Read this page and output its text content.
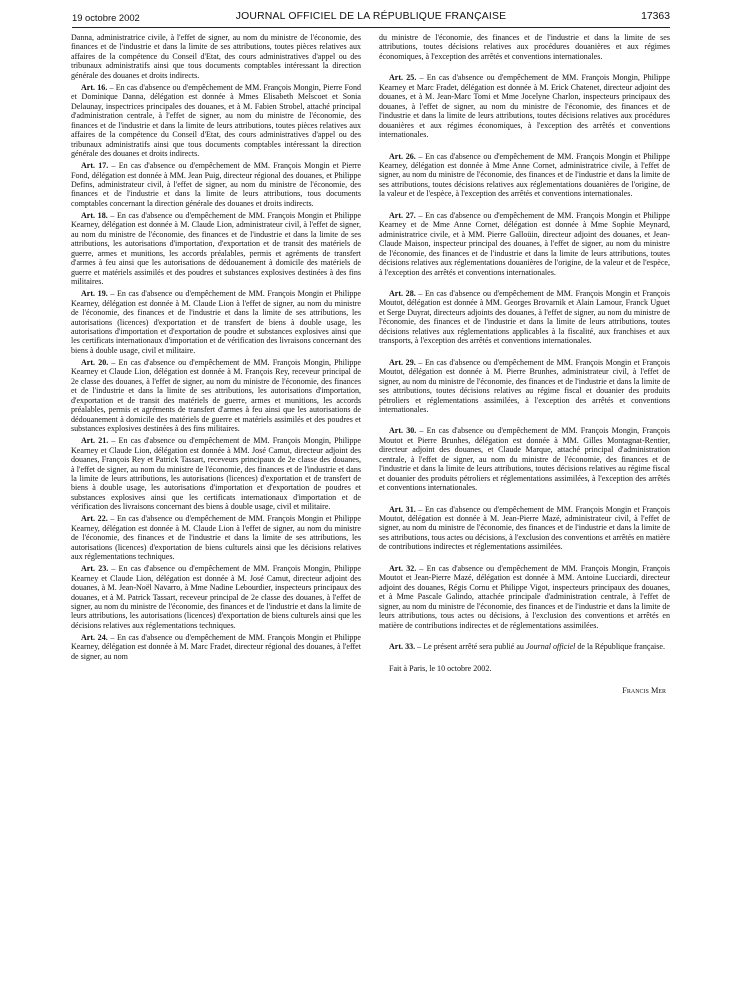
19 octobre 2002	JOURNAL OFFICIEL DE LA RÉPUBLIQUE FRANÇAISE	17363

Danna, administratrice civile, à l'effet de signer, au nom du ministre de l'économie, des finances et de l'industrie et dans la limite de ses attributions, toutes pièces relatives aux affaires de la compétence du Conseil d'Etat, des cours administratives d'appel ou des tribunaux administratifs ainsi que tous documents comptables intéressant la direction générale des douanes et droits indirects.

Art. 16. – En cas d'absence ou d'empêchement de MM. François Mongin, Pierre Fond et Dominique Danna, délégation est donnée à Mmes Elisabeth Melscoet et Sonia Delaunay, inspectrices principales des douanes, et à M. Fabien Strobel, attaché principal d'administration centrale, à l'effet de signer, au nom du ministre de l'économie, des finances et de l'industrie et dans la limite de leurs attributions, toutes pièces relatives aux affaires de la compétence du Conseil d'Etat, des cours administratives d'appel ou des tribunaux administratifs ainsi que tous documents comptables intéressant la direction générale des douanes et droits indirects.

Art. 17. – En cas d'absence ou d'empêchement de MM. François Mongin et Pierre Fond, délégation est donnée à MM. Jean Puig, directeur régional des douanes, et Philippe Defins, administrateur civil, à l'effet de signer, au nom du ministre de l'économie, des finances et de l'industrie et dans la limite de leurs attributions, tous documents comptables concernant la direction générale des douanes et droits indirects.

Art. 18. – En cas d'absence ou d'empêchement de MM. François Mongin et Philippe Kearney, délégation est donnée à M. Claude Lion, administrateur civil, à l'effet de signer, au nom du ministre de l'économie, des finances et de l'industrie et dans la limite de ses attributions, les autorisations d'importation, d'exportation et de transit des matériels de guerre, armes et munitions, les accords préalables, permis et agréments de transfert d'armes à feu ainsi que les autorisations de dédouanement à domicile des matériels de guerre et matériels assimilés et des poudres et substances explosives destinées à des fins militaires.

Art. 19. – En cas d'absence ou d'empêchement de MM. François Mongin et Philippe Kearney, délégation est donnée à M. Claude Lion à l'effet de signer, au nom du ministre de l'économie, des finances et de l'industrie et dans la limite de ses attributions, les autorisations (licences) d'exportation et de transfert de biens à double usage, les autorisations d'importation et d'exportation de poudre et substances explosives ainsi que les certificats internationaux d'importation et de vérification des livraisons concernant des biens à double usage, civil et militaire.

Art. 20. – En cas d'absence ou d'empêchement de MM. François Mongin, Philippe Kearney et Claude Lion, délégation est donnée à M. François Rey, receveur principal de 2e classe des douanes, à l'effet de signer, au nom du ministre de l'économie, des finances et de l'industrie et dans la limite de ses attributions, les autorisations d'importation, d'exportation et de transit des matériels de guerre, armes et munitions, les accords préalables, permis et agréments de transfert d'armes à feu ainsi que les autorisations de dédouanement à domicile des matériels de guerre et matériels assimilés et des poudres et substances explosives destinées à des fins militaires.

Art. 21. – En cas d'absence ou d'empêchement de MM. François Mongin, Philippe Kearney et Claude Lion, délégation est donnée à MM. José Camut, directeur adjoint des douanes, François Rey et Patrick Tassart, receveurs principaux de 2e classe des douanes, à l'effet de signer, au nom du ministre de l'économie, des finances et de l'industrie et dans la limite de leurs attributions, les autorisations (licences) d'exportation et de transfert de biens à double usage, les autorisations d'importation et d'exportation de poudres et substances explosives ainsi que les certificats internationaux d'importation et de vérification des livraisons concernant des biens à double usage, civil et militaire.

Art. 22. – En cas d'absence ou d'empêchement de MM. François Mongin et Philippe Kearney, délégation est donnée à M. Claude Lion à l'effet de signer, au nom du ministre de l'économie, des finances et de l'industrie et dans la limite de ses attributions, les autorisations (licences) d'exportation de biens culturels ainsi que les décisions relatives aux réglementations techniques.

Art. 23. – En cas d'absence ou d'empêchement de MM. François Mongin, Philippe Kearney et Claude Lion, délégation est donnée à M. José Camut, directeur adjoint des douanes, à M. Jean-Noël Navarro, à Mme Nadine Lebourdier, inspecteurs principaux des douanes, et à M. Patrick Tassart, receveur principal de 2e classe des douanes, à l'effet de signer, au nom du ministre de l'économie, des finances et de l'industrie et dans la limite de leurs attributions, les autorisations (licences) d'exportation de biens culturels ainsi que les décisions relatives aux réglementations techniques.

Art. 24. – En cas d'absence ou d'empêchement de MM. François Mongin et Philippe Kearney, délégation est donnée à M. Marc Fradet, directeur régional des douanes, à l'effet de signer, au nom

du ministre de l'économie, des finances et de l'industrie et dans la limite de ses attributions, toutes décisions relatives aux procédures douanières et aux régimes économiques, à l'exception des arrêtés et conventions internationales.

Art. 25. – En cas d'absence ou d'empêchement de MM. François Mongin, Philippe Kearney et Marc Fradet, délégation est donnée à M. Erick Chatenet, directeur adjoint des douanes, et à M. Jean-Marc Tomi et Mme Jocelyne Charlon, inspecteurs principaux des douanes, à l'effet de signer, au nom du ministre de l'économie, des finances et de l'industrie et dans la limite de leurs attributions, toutes décisions relatives aux procédures douanières et aux régimes économiques, à l'exception des arrêtés et conventions internationales.

Art. 26. – En cas d'absence ou d'empêchement de MM. François Mongin et Philippe Kearney, délégation est donnée à Mme Anne Cornet, administratrice civile, à l'effet de signer, au nom du ministre de l'économie, des finances et de l'industrie et dans la limite de ses attributions, toutes décisions relatives aux réglementations douanières de l'origine, de la valeur et de l'espèce, à l'exception des arrêtés et conventions internationales.

Art. 27. – En cas d'absence ou d'empêchement de MM. François Mongin et Philippe Kearney et de Mme Anne Cornet, délégation est donnée à Mme Sophie Meynard, administratrice civile, et à MM. Pierre Galloüin, directeur adjoint des douanes, et Jean-Claude Maison, inspecteur principal des douanes, à l'effet de signer, au nom du ministre de l'économie, des finances et de l'industrie et dans la limite de leurs attributions, toutes décisions relatives aux réglementations douanières de l'origine, de la valeur et de l'espèce, à l'exception des arrêtés et conventions internationales.

Art. 28. – En cas d'absence ou d'empêchement de MM. François Mongin et François Moutot, délégation est donnée à MM. Georges Brovarnik et Alain Lamour, Franck Uguet et Serge Duyrat, directeurs adjoints des douanes, à l'effet de signer, au nom du ministre de l'économie, des finances et de l'industrie et dans la limite de leurs attributions, toutes décisions relatives aux réglementations applicables à la fiscalité, aux franchises et aux transports, à l'exception des arrêtés et conventions internationales.

Art. 29. – En cas d'absence ou d'empêchement de MM. François Mongin et François Moutot, délégation est donnée à M. Pierre Brunhes, administrateur civil, à l'effet de signer, au nom du ministre de l'économie, des finances et de l'industrie et dans la limite de ses attributions, toutes décisions relatives au régime fiscal et douanier des produits pétroliers et réglementations assimilées, à l'exception des arrêtés et conventions internationales.

Art. 30. – En cas d'absence ou d'empêchement de MM. François Mongin, François Moutot et Pierre Brunhes, délégation est donnée à MM. Gilles Montagnat-Rentier, directeur adjoint des douanes, et Claude Marque, attaché principal d'administration centrale, à l'effet de signer, au nom du ministre de l'économie, des finances et de l'industrie et dans la limite de leurs attributions, toutes décisions relatives au régime fiscal et douanier des produits pétroliers et réglementations assimilées, à l'exception des arrêtés et conventions internationales.

Art. 31. – En cas d'absence ou d'empêchement de MM. François Mongin et François Moutot, délégation est donnée à M. Jean-Pierre Mazé, administrateur civil, à l'effet de signer, au nom du ministre de l'économie, des finances et de l'industrie et dans la limite de ses attributions, tous actes ou décisions, à l'exclusion des conventions et arrêtés en matière de contributions indirectes et réglementations assimilées.

Art. 32. – En cas d'absence ou d'empêchement de MM. François Mongin, François Moutot et Jean-Pierre Mazé, délégation est donnée à MM. Antoine Lucciardi, directeur adjoint des douanes, Régis Cornu et Philippe Vigot, inspecteurs principaux des douanes, et à Mme Pascale Galindo, attachée principale d'administration centrale, à l'effet de signer, au nom du ministre de l'économie, des finances et de l'industrie et dans la limite de leurs attributions, tous actes ou décisions, à l'exclusion des conventions et arrêtés en matière de contributions indirectes et de réglementations assimilées.

Art. 33. – Le présent arrêté sera publié au Journal officiel de la République française.

Fait à Paris, le 10 octobre 2002.

Francis Mer
